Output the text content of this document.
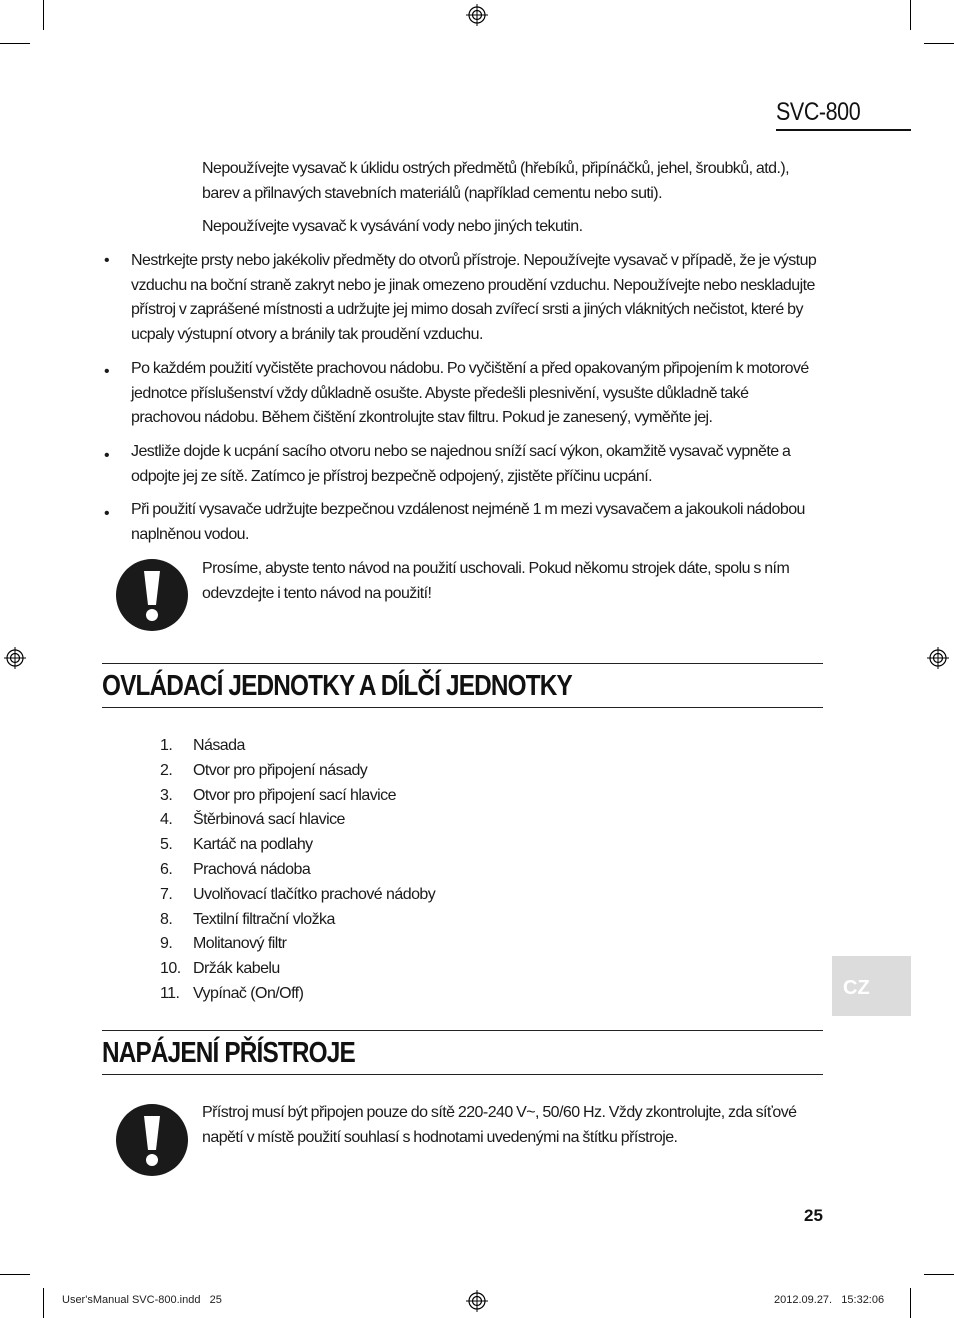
SVC-800
Nepoužívejte vysavač k úklidu ostrých předmětů (hřebíků, připínáčků, jehel, šroubků, atd.), barev a přilnavých stavebních materiálů (například cementu nebo suti).
Nepoužívejte vysavač k vysávání vody nebo jiných tekutin.
• Nestrkejte prsty nebo jakékoliv předměty do otvorů přístroje. Nepoužívejte vysavač v případě, že je výstup vzduchu na boční straně zakryt nebo je jinak omezeno proudění vzduchu. Nepoužívejte nebo neskladujte přístroj v zaprášené místnosti a udržujte jej mimo dosah zvířecí srsti a jiných vláknitých nečistot, které by ucpaly výstupní otvory a bránily tak proudění vzduchu.
• Po každém použití vyčistěte prachovou nádobu. Po vyčištění a před opakovaným připojením k motorové jednotce příslušenství vždy důkladně osušte. Abyste předešli plesnivění, vysušte důkladně také prachovou nádobu. Během čištění zkontrolujte stav filtru. Pokud je zanesený, vyměňte jej.
• Jestliže dojde k ucpání sacího otvoru nebo se najednou sníží sací výkon, okamžitě vysavač vypněte a odpojte jej ze sítě. Zatímco je přístroj bezpečně odpojený, zjistěte příčinu ucpání.
• Při použití vysavače udržujte bezpečnou vzdálenost nejméně 1 m mezi vysavačem a jakoukoli nádobou naplněnou vodou.
Prosíme, abyste tento návod na použití uschovali. Pokud někomu strojek dáte, spolu s ním odevzdejte i tento návod na použití!
OVLÁDACÍ JEDNOTKY A DÍLČÍ JEDNOTKY
1. Násada
2. Otvor pro připojení násady
3. Otvor pro připojení sací hlavice
4. Štěrbinová sací hlavice
5. Kartáč na podlahy
6. Prachová nádoba
7. Uvolňovací tlačítko prachové nádoby
8. Textilní filtrační vložka
9. Molitanový filtr
10. Držák kabelu
11. Vypínač (On/Off)	CZ
NAPÁJENÍ PŘÍSTROJE
Přístroj musí být připojen pouze do sítě 220-240 V~, 50/60 Hz. Vždy zkontrolujte, zda síťové napětí v místě použití souhlasí s hodnotami uvedenými na štítku přístroje.
25
User'sManual SVC-800.indd   25	2012.09.27.   15:32:06
